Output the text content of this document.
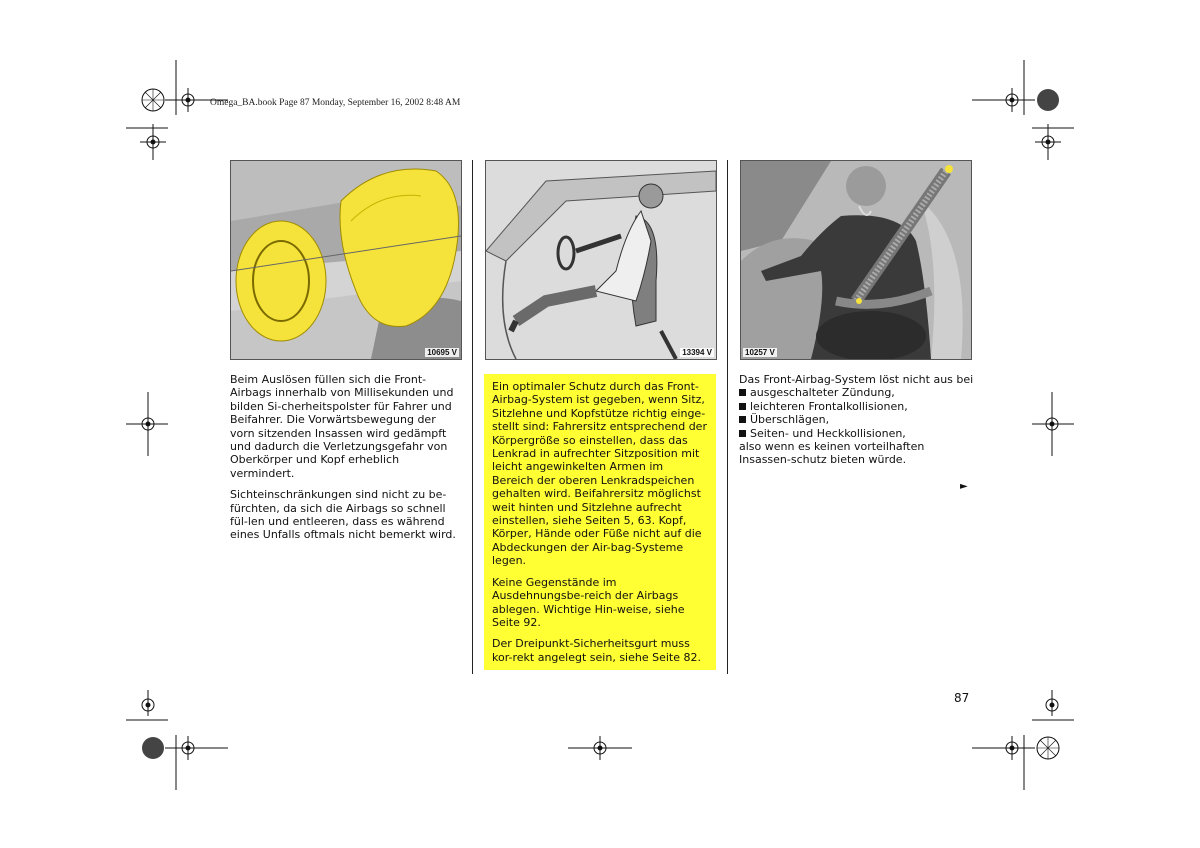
Omega_BA.book Page 87 Monday, September 16, 2002 8:48 AM
10695 V	13394 V	10257 V

Beim Auslösen füllen sich die Front-Airbags innerhalb von Millisekunden und bilden Si-cherheitspolster für Fahrer und Beifahrer. Die Vorwärtsbewegung der vorn sitzenden Insassen wird gedämpft und dadurch die Verletzungsgefahr von Oberkörper und Kopf erheblich vermindert.

Sichteinschränkungen sind nicht zu be-fürchten, da sich die Airbags so schnell fül-len und entleeren, dass es während eines Unfalls oftmals nicht bemerkt wird.

Ein optimaler Schutz durch das Front-Airbag-System ist gegeben, wenn Sitz, Sitzlehne und Kopfstütze richtig einge-stellt sind: Fahrersitz entsprechend der Körpergröße so einstellen, dass das Lenkrad in aufrechter Sitzposition mit leicht angewinkelten Armen im Bereich der oberen Lenkradspeichen gehalten wird. Beifahrersitz möglichst weit hinten und Sitzlehne aufrecht einstellen, siehe Seiten 5, 63. Kopf, Körper, Hände oder Füße nicht auf die Abdeckungen der Air-bag-Systeme legen.

Keine Gegenstände im Ausdehnungsbe-reich der Airbags ablegen. Wichtige Hin-weise, siehe Seite 92.

Der Dreipunkt-Sicherheitsgurt muss kor-rekt angelegt sein, siehe Seite 82.

Das Front-Airbag-System löst nicht aus bei
ausgeschalteter Zündung,
leichteren Frontalkollisionen,
Überschlägen,
Seiten- und Heckkollisionen,
also wenn es keinen vorteilhaften Insassen-schutz bieten würde.
►
87
